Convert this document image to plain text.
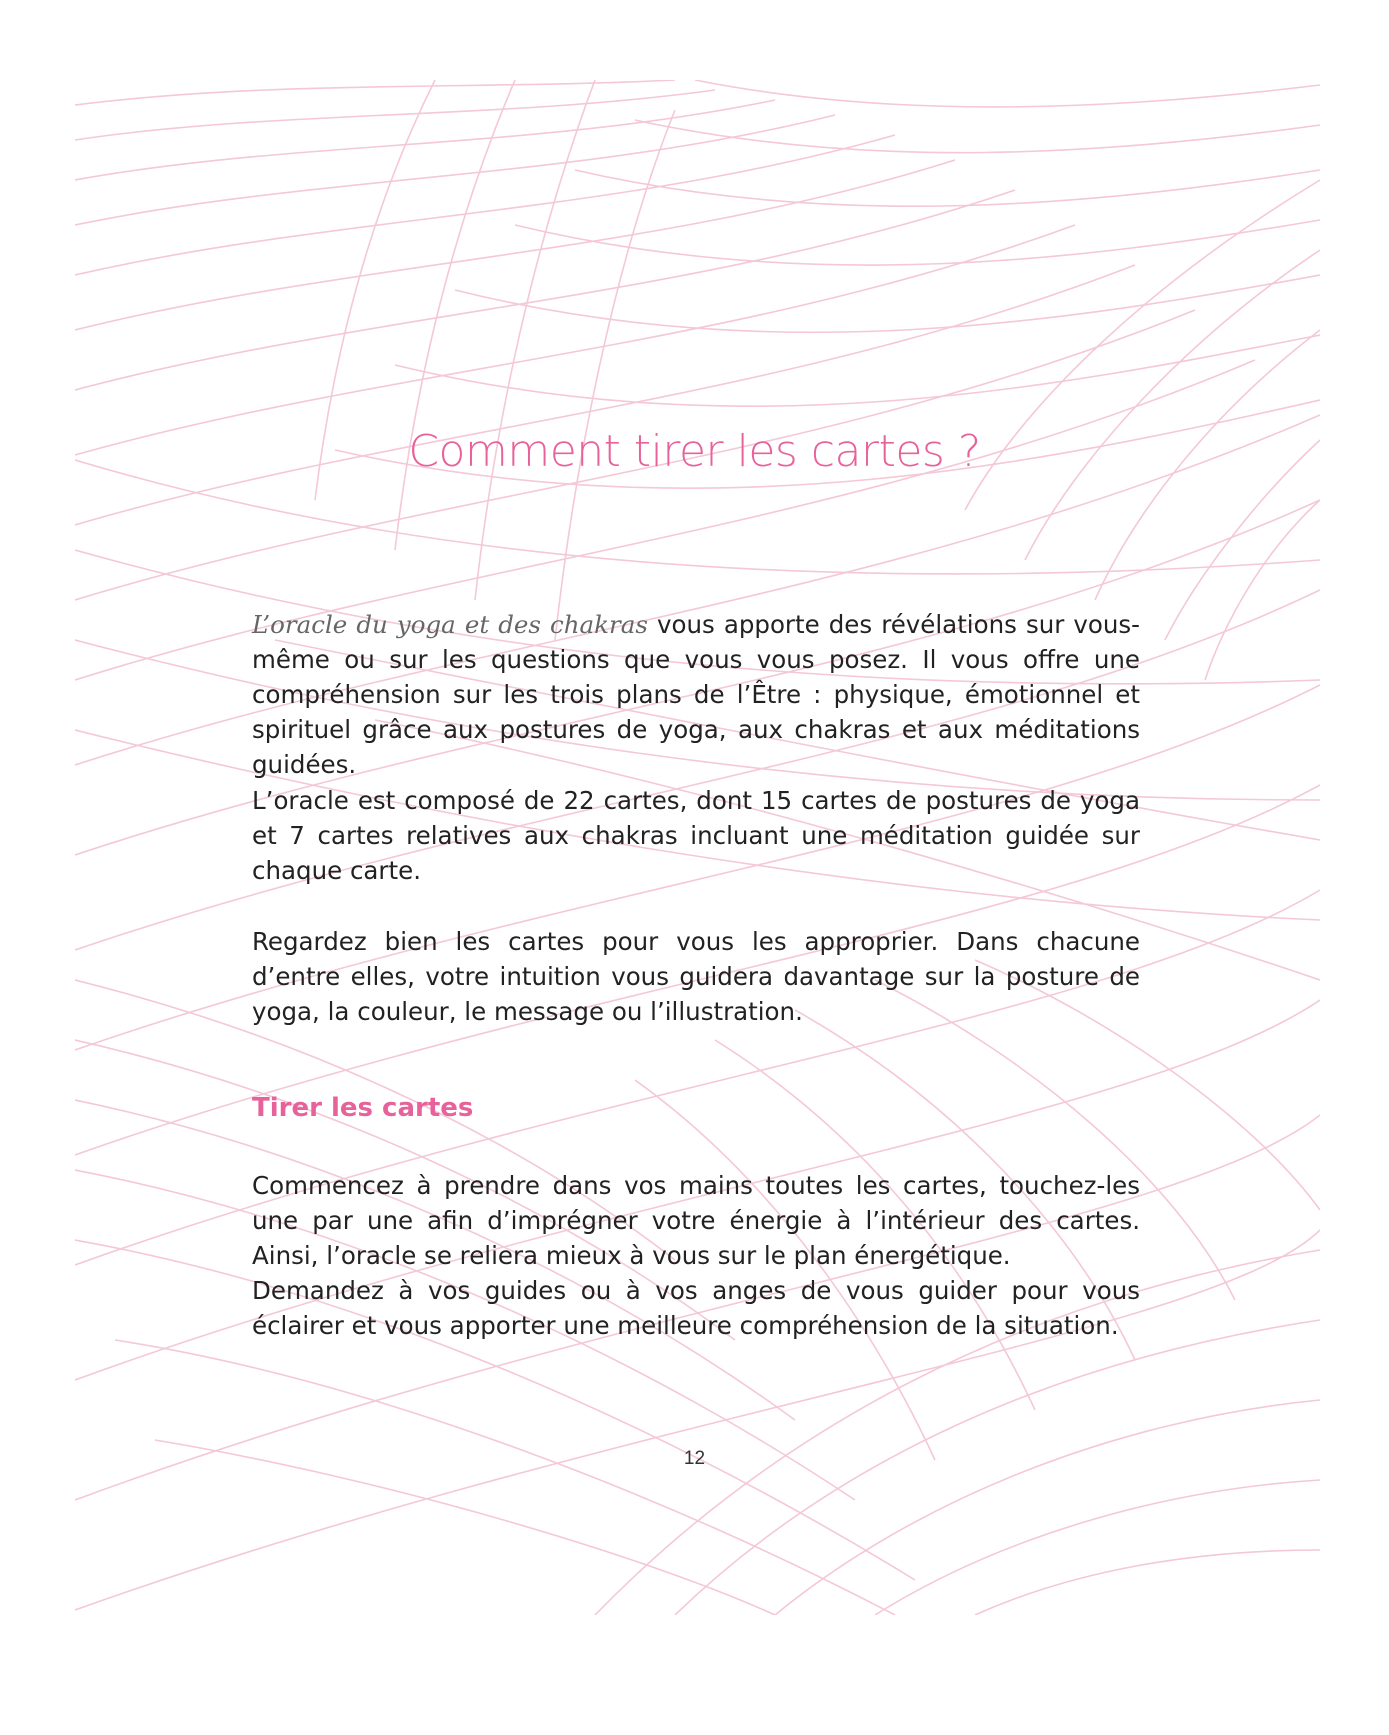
Comment tirer les cartes ?

L’oracle du yoga et des chakras vous apporte des révélations sur vous-même ou sur les questions que vous vous posez. Il vous offre une compréhension sur les trois plans de l’Être : physique, émotionnel et spirituel grâce aux postures de yoga, aux chakras et aux méditations guidées.

L’oracle est composé de 22 cartes, dont 15 cartes de postures de yoga et 7 cartes relatives aux chakras incluant une méditation guidée sur chaque carte.

Regardez bien les cartes pour vous les approprier. Dans chacune d’entre elles, votre intuition vous guidera davantage sur la posture de yoga, la couleur, le message ou l’illustration.

Tirer les cartes

Commencez à prendre dans vos mains toutes les cartes, touchez-les une par une afin d’imprégner votre énergie à l’intérieur des cartes. Ainsi, l’oracle se reliera mieux à vous sur le plan énergétique.

Demandez à vos guides ou à vos anges de vous guider pour vous éclairer et vous apporter une meilleure compréhension de la situation.

12
